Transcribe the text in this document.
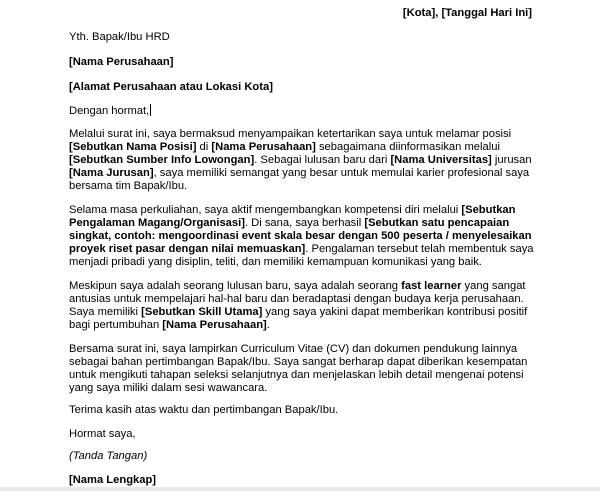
[Kota], [Tanggal Hari Ini]
Yth. Bapak/Ibu HRD
[Nama Perusahaan]
[Alamat Perusahaan atau Lokasi Kota]
Dengan hormat,
Melalui surat ini, saya bermaksud menyampaikan ketertarikan saya untuk melamar posisi
[Sebutkan Nama Posisi] di [Nama Perusahaan] sebagaimana diinformasikan melalui
[Sebutkan Sumber Info Lowongan]. Sebagai lulusan baru dari [Nama Universitas] jurusan
[Nama Jurusan], saya memiliki semangat yang besar untuk memulai karier profesional saya
bersama tim Bapak/Ibu.
Selama masa perkuliahan, saya aktif mengembangkan kompetensi diri melalui [Sebutkan
Pengalaman Magang/Organisasi]. Di sana, saya berhasil [Sebutkan satu pencapaian
singkat, contoh: mengoordinasi event skala besar dengan 500 peserta / menyelesaikan
proyek riset pasar dengan nilai memuaskan]. Pengalaman tersebut telah membentuk saya
menjadi pribadi yang disiplin, teliti, dan memiliki kemampuan komunikasi yang baik.
Meskipun saya adalah seorang lulusan baru, saya adalah seorang fast learner yang sangat
antusias untuk mempelajari hal-hal baru dan beradaptasi dengan budaya kerja perusahaan.
Saya memiliki [Sebutkan Skill Utama] yang saya yakini dapat memberikan kontribusi positif
bagi pertumbuhan [Nama Perusahaan].
Bersama surat ini, saya lampirkan Curriculum Vitae (CV) dan dokumen pendukung lainnya
sebagai bahan pertimbangan Bapak/Ibu. Saya sangat berharap dapat diberikan kesempatan
untuk mengikuti tahapan seleksi selanjutnya dan menjelaskan lebih detail mengenai potensi
yang saya miliki dalam sesi wawancara.
Terima kasih atas waktu dan pertimbangan Bapak/Ibu.
Hormat saya,
(Tanda Tangan)
[Nama Lengkap]
